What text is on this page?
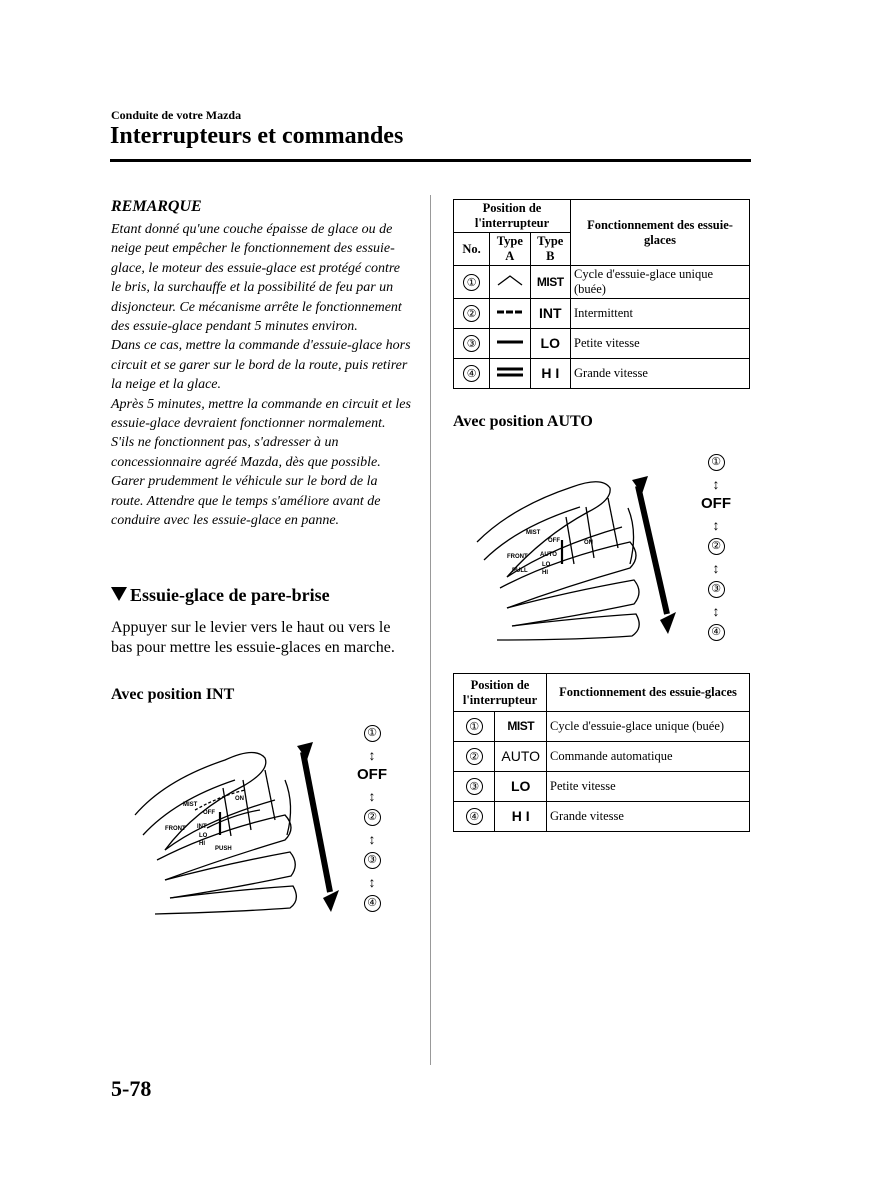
Conduite de votre Mazda
Interrupteurs et commandes
REMARQUE

Etant donné qu'une couche épaisse de glace ou de neige peut empêcher le fonctionnement des essuie-glace, le moteur des essuie-glace est protégé contre le bris, la surchauffe et la possibilité de feu par un disjoncteur. Ce mécanisme arrête le fonctionnement des essuie-glace pendant 5 minutes environ.

Dans ce cas, mettre la commande d'essuie-glace hors circuit et se garer sur le bord de la route, puis retirer la neige et la glace.

Après 5 minutes, mettre la commande en circuit et les essuie-glace devraient fonctionner normalement. S'ils ne fonctionnent pas, s'adresser à un concessionnaire agréé Mazda, dès que possible. Garer prudemment le véhicule sur le bord de la route. Attendre que le temps s'améliore avant de conduire avec les essuie-glace en panne.

Essuie-glace de pare-brise
Appuyer sur le levier vers le haut ou vers le bas pour mettre les essuie-glaces en marche.
Avec position INT
MIST
OFF
FRONT INT
LO
HI
PUSH
ON
①
↕
OFF
↕
②
↕
③
↕
④
Position de l'interrupteur			Fonctionnement des essuie-glaces
No.	Type A	Type B	
①		MIST	Cycle d'essuie-glace unique (buée)
②		INT	Intermittent
③		LO	Petite vitesse
④		H I	Grande vitesse
Avec position AUTO
MIST
OFF
FRONT
PULL
AUTO
LO
HI
ON
①
↕
OFF
↕
②
↕
③
↕
④
Position de l'interrupteur		Fonctionnement des essuie-glaces
①	MIST	Cycle d'essuie-glace unique (buée)
②	AUTO	Commande automatique
③	LO	Petite vitesse
④	H I	Grande vitesse
5-78
